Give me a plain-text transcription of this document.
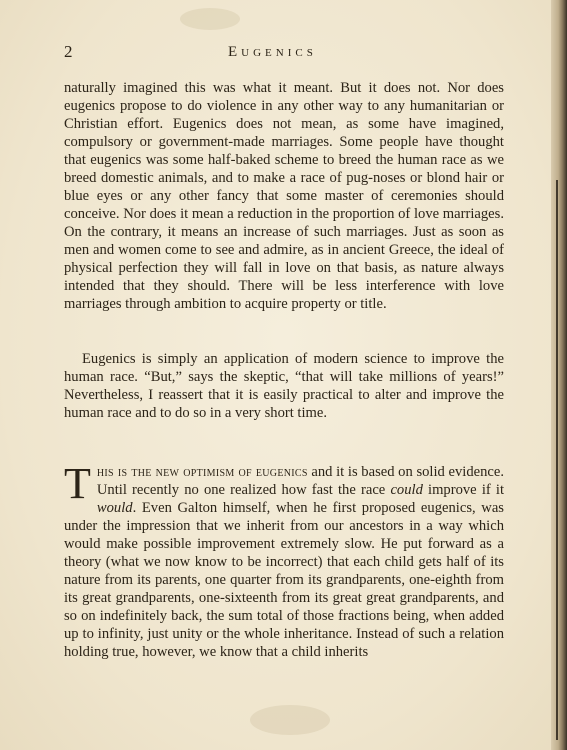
2	Eugenics

naturally imagined this was what it meant. But it does not. Nor does eugenics propose to do violence in any other way to any humanitarian or Christian effort. Eugenics does not mean, as some have imagined, compulsory or government-made marriages. Some people have thought that eugenics was some half-baked scheme to breed the human race as we breed domestic animals, and to make a race of pug-noses or blond hair or blue eyes or any other fancy that some master of ceremonies should conceive. Nor does it mean a reduction in the proportion of love marriages. On the contrary, it means an increase of such marriages. Just as soon as men and women come to see and admire, as in ancient Greece, the ideal of physical perfection they will fall in love on that basis, as nature always intended that they should. There will be less interference with love marriages through ambition to acquire property or title.

Eugenics is simply an application of modern science to improve the human race. “But,” says the skeptic, “that will take millions of years!” Nevertheless, I reassert that it is easily practical to alter and improve the human race and to do so in a very short time.

This is the new optimism of eugenics and it is based on solid evidence. Until recently no one realized how fast the race could improve if it would. Even Galton himself, when he first proposed eugenics, was under the impression that we inherit from our ancestors in a way which would make possible improvement extremely slow. He put forward as a theory (what we now know to be incorrect) that each child gets half of its nature from its parents, one quarter from its grandparents, one-eighth from its great grandparents, one-sixteenth from its great great grandparents, and so on indefinitely back, the sum total of those fractions being, when added up to infinity, just unity or the whole inheritance. Instead of such a relation holding true, however, we know that a child inherits
